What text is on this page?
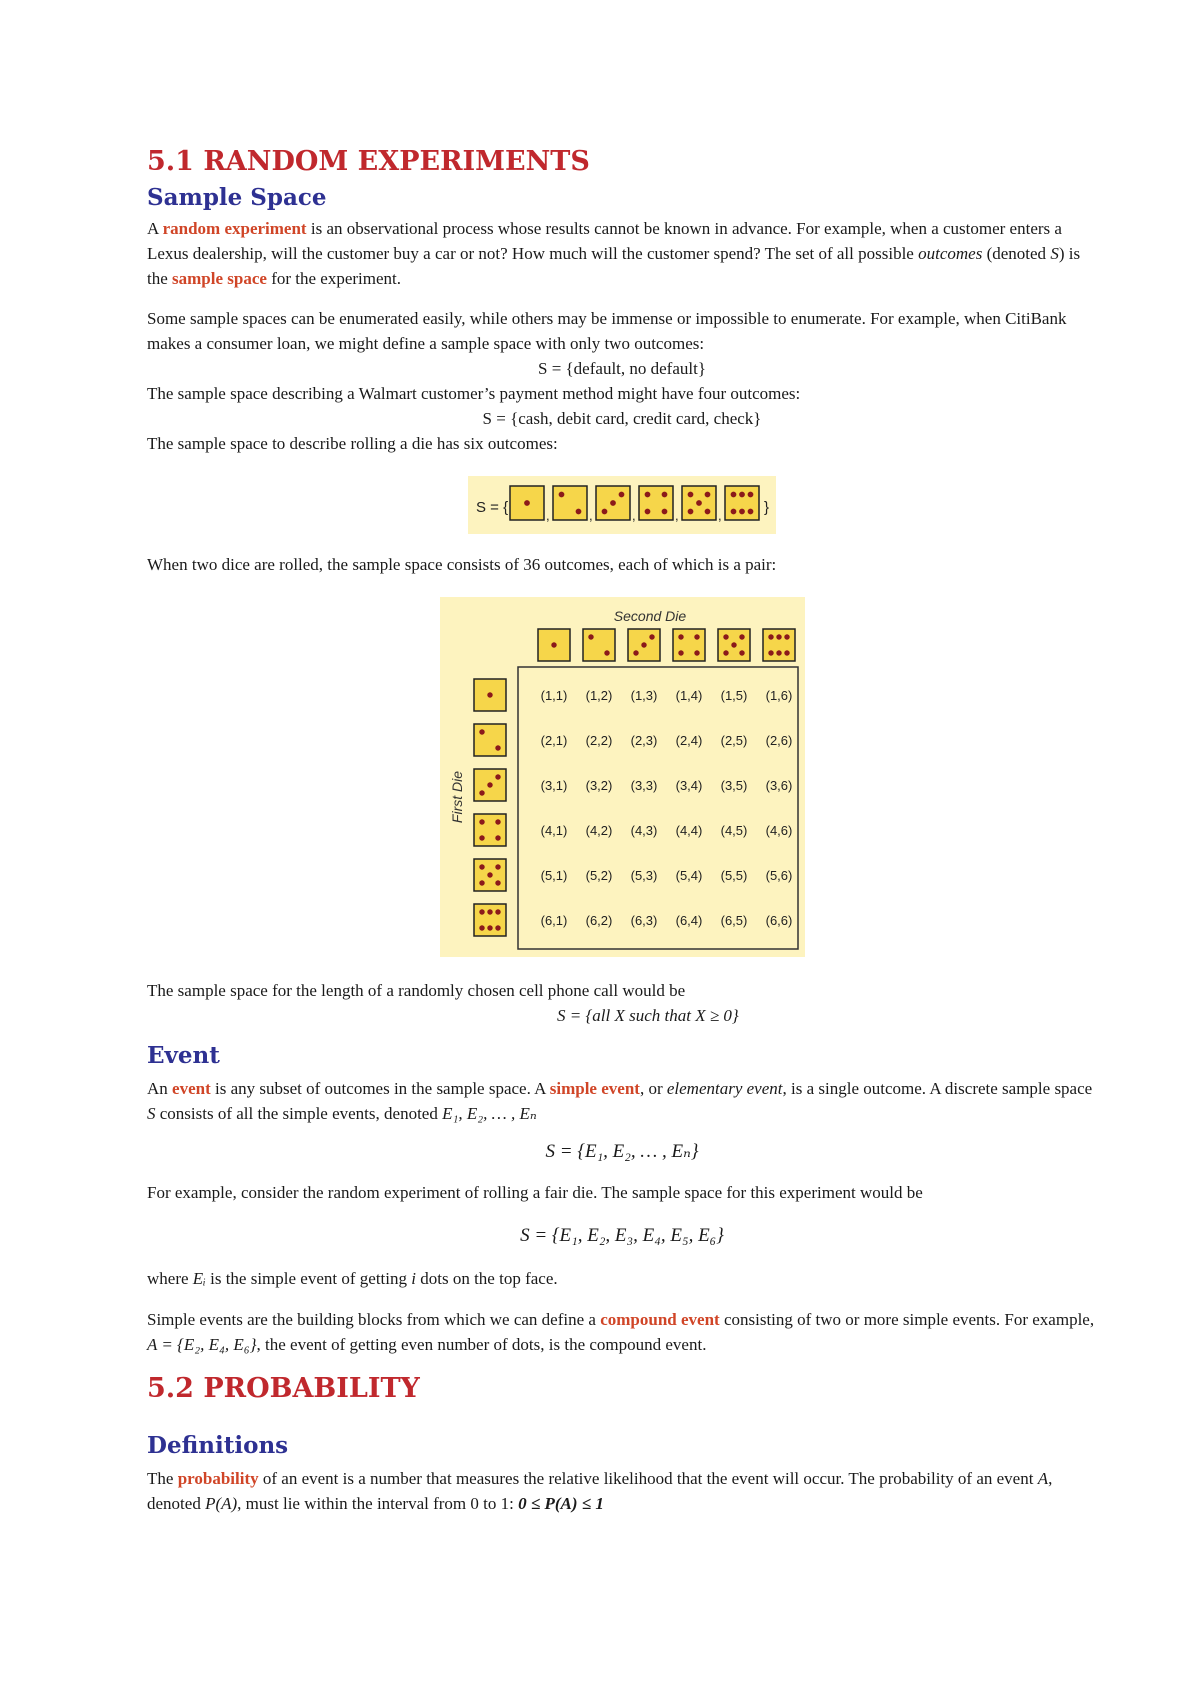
5.1 RANDOM EXPERIMENTS
Sample Space
A random experiment is an observational process whose results cannot be known in advance. For example, when a customer enters a Lexus dealership, will the customer buy a car or not? How much will the customer spend? The set of all possible outcomes (denoted S) is the sample space for the experiment.
Some sample spaces can be enumerated easily, while others may be immense or impossible to enumerate. For example, when CitiBank makes a consumer loan, we might define a sample space with only two outcomes:
S = {default, no default}
The sample space describing a Walmart customer’s payment method might have four outcomes:
S = {cash, debit card, credit card, check}
The sample space to describe rolling a die has six outcomes:
When two dice are rolled, the sample space consists of 36 outcomes, each of which is a pair:
The sample space for the length of a randomly chosen cell phone call would be
S = {all X such that X ≥ 0}
Event
An event is any subset of outcomes in the sample space. A simple event, or elementary event, is a single outcome. A discrete sample space S consists of all the simple events, denoted E₁, E₂, … , Eₙ
S = {E₁, E₂, … , Eₙ}
For example, consider the random experiment of rolling a fair die. The sample space for this experiment would be
S = {E₁, E₂, E₃, E₄, E₅, E₆}
where Eᵢ is the simple event of getting i dots on the top face.
Simple events are the building blocks from which we can define a compound event consisting of two or more simple events. For example, A = {E₂, E₄, E₆}, the event of getting even number of dots, is the compound event.
5.2 PROBABILITY
Definitions
The probability of an event is a number that measures the relative likelihood that the event will occur. The probability of an event A, denoted P(A), must lie within the interval from 0 to 1: 0 ≤ P(A) ≤ 1
S = {	}
,	,	,	,	,
Second Die
First Die
(1,1) (1,2) (1,3) (1,4) (1,5) (1,6)
(2,1) (2,2) (2,3) (2,4) (2,5) (2,6)
(3,1) (3,2) (3,3) (3,4) (3,5) (3,6)
(4,1) (4,2) (4,3) (4,4) (4,5) (4,6)
(5,1) (5,2) (5,3) (5,4) (5,5) (5,6)
(6,1) (6,2) (6,3) (6,4) (6,5) (6,6)
